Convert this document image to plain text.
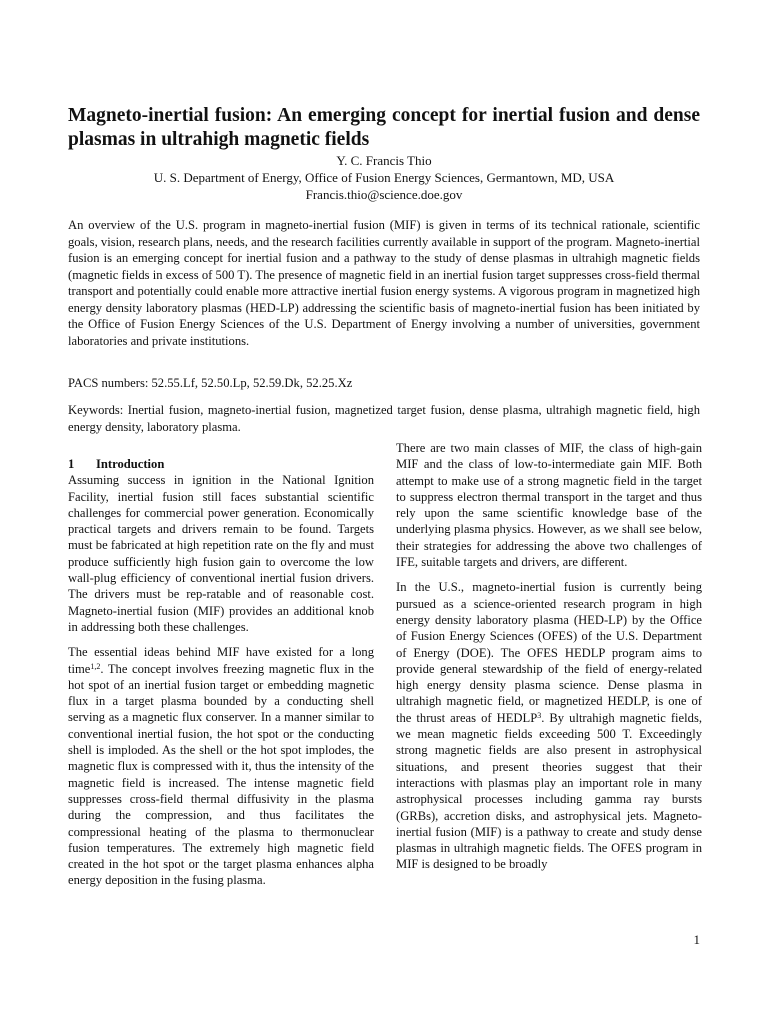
Magneto-inertial fusion: An emerging concept for inertial fusion and dense plasmas in ultrahigh magnetic fields
Y. C. Francis Thio
U. S. Department of Energy, Office of Fusion Energy Sciences, Germantown, MD, USA
Francis.thio@science.doe.gov

An overview of the U.S. program in magneto-inertial fusion (MIF) is given in terms of its technical rationale, scientific goals, vision, research plans, needs, and the research facilities currently available in support of the program. Magneto-inertial fusion is an emerging concept for inertial fusion and a pathway to the study of dense plasmas in ultrahigh magnetic fields (magnetic fields in excess of 500 T). The presence of magnetic field in an inertial fusion target suppresses cross-field thermal transport and potentially could enable more attractive inertial fusion energy systems. A vigorous program in magnetized high energy density laboratory plasmas (HED-LP) addressing the scientific basis of magneto-inertial fusion has been initiated by the Office of Fusion Energy Sciences of the U.S. Department of Energy involving a number of universities, government laboratories and private institutions.

PACS numbers: 52.55.Lf, 52.50.Lp, 52.59.Dk, 52.25.Xz

Keywords: Inertial fusion, magneto-inertial fusion, magnetized target fusion, dense plasma, ultrahigh magnetic field, high energy density, laboratory plasma.

1 Introduction

Assuming success in ignition in the National Ignition Facility, inertial fusion still faces substantial scientific challenges for commercial power generation. Economically practical targets and drivers remain to be found. Targets must be fabricated at high repetition rate on the fly and must produce sufficiently high fusion gain to overcome the low wall-plug efficiency of conventional inertial fusion drivers. The drivers must be rep-ratable and of reasonable cost. Magneto-inertial fusion (MIF) provides an additional knob in addressing both these challenges.

The essential ideas behind MIF have existed for a long time$^{1,2}$. The concept involves freezing magnetic flux in the hot spot of an inertial fusion target or embedding magnetic flux in a target plasma bounded by a conducting shell serving as a magnetic flux conserver. In a manner similar to conventional inertial fusion, the hot spot or the conducting shell is imploded. As the shell or the hot spot implodes, the magnetic flux is compressed with it, thus the intensity of the magnetic field is increased. The intense magnetic field suppresses cross-field thermal diffusivity in the plasma during the compression, and thus facilitates the compressional heating of the plasma to thermonuclear fusion temperatures. The extremely high magnetic field created in the hot spot or the target plasma enhances alpha energy deposition in the fusing plasma.

There are two main classes of MIF, the class of high-gain MIF and the class of low-to-intermediate gain MIF. Both attempt to make use of a strong magnetic field in the target to suppress electron thermal transport in the target and thus rely upon the same scientific knowledge base of the underlying plasma physics. However, as we shall see below, their strategies for addressing the above two challenges of IFE, suitable targets and drivers, are different.

In the U.S., magneto-inertial fusion is currently being pursued as a science-oriented research program in high energy density laboratory plasma (HED-LP) by the Office of Fusion Energy Sciences (OFES) of the U.S. Department of Energy (DOE). The OFES HEDLP program aims to provide general stewardship of the field of energy-related high energy density plasma science. Dense plasma in ultrahigh magnetic field, or magnetized HEDLP, is one of the thrust areas of HEDLP$^3$. By ultrahigh magnetic fields, we mean magnetic fields exceeding 500 T. Exceedingly strong magnetic fields are also present in astrophysical situations, and present theories suggest that their interactions with plasmas play an important role in many astrophysical processes including gamma ray bursts (GRBs), accretion disks, and astrophysical jets. Magneto-inertial fusion (MIF) is a pathway to create and study dense plasmas in ultrahigh magnetic fields. The OFES program in MIF is designed to be broadly

1
